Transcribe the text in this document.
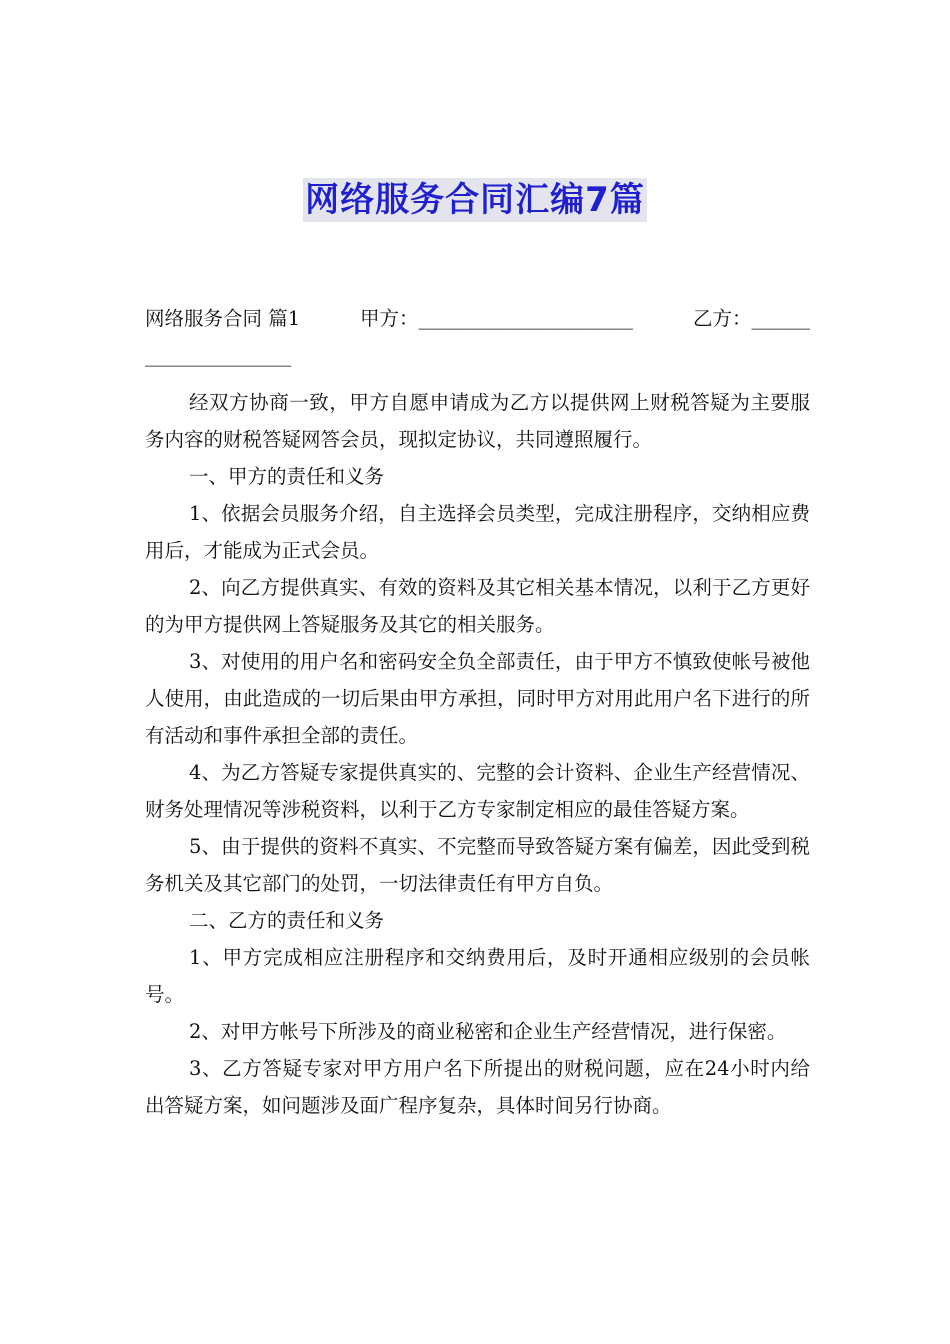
网络服务合同汇编7篇
网络服务合同 篇1	甲方：______________________	乙方：______
_______________
经双方协商一致，甲方自愿申请成为乙方以提供网上财税答疑为主要服务内容的财税答疑网答会员，现拟定协议，共同遵照履行。
一、甲方的责任和义务
1、依据会员服务介绍，自主选择会员类型，完成注册程序，交纳相应费用后，才能成为正式会员。
2、向乙方提供真实、有效的资料及其它相关基本情况，以利于乙方更好的为甲方提供网上答疑服务及其它的相关服务。
3、对使用的用户名和密码安全负全部责任，由于甲方不慎致使帐号被他人使用，由此造成的一切后果由甲方承担，同时甲方对用此用户名下进行的所有活动和事件承担全部的责任。
4、为乙方答疑专家提供真实的、完整的会计资料、企业生产经营情况、财务处理情况等涉税资料，以利于乙方专家制定相应的最佳答疑方案。
5、由于提供的资料不真实、不完整而导致答疑方案有偏差，因此受到税务机关及其它部门的处罚，一切法律责任有甲方自负。
二、乙方的责任和义务
1、甲方完成相应注册程序和交纳费用后，及时开通相应级别的会员帐号。
2、对甲方帐号下所涉及的商业秘密和企业生产经营情况，进行保密。
3、乙方答疑专家对甲方用户名下所提出的财税问题，应在24小时内给出答疑方案，如问题涉及面广程序复杂，具体时间另行协商。
